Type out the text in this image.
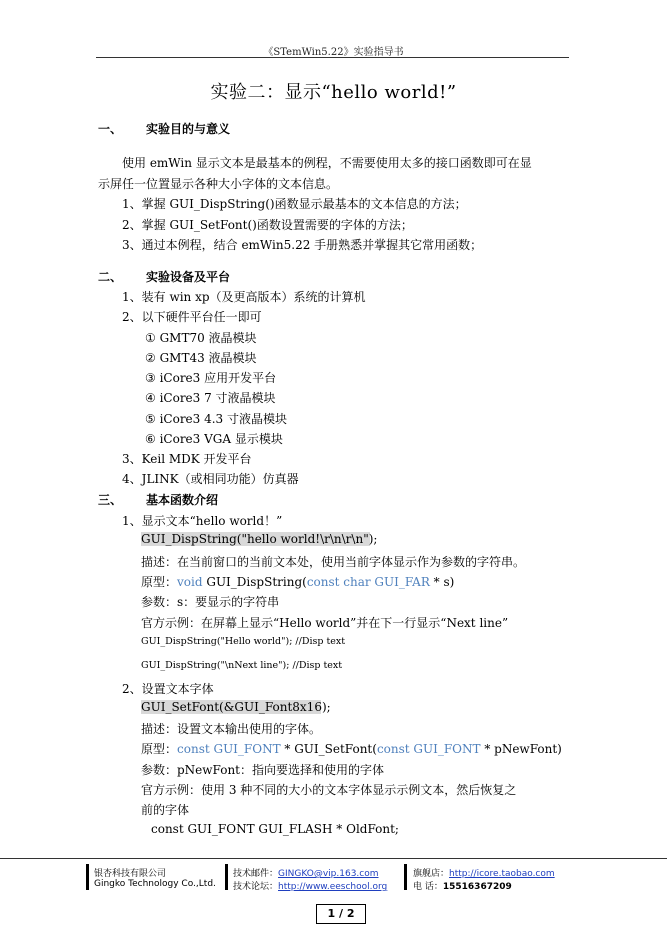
《STemWin5.22》实验指导书
实验二：显示“hello world!”
一、 实验目的与意义
使用 emWin 显示文本是最基本的例程，不需要使用太多的接口函数即可在显
示屏任一位置显示各种大小字体的文本信息。
1、掌握 GUI_DispString()函数显示最基本的文本信息的方法；
2、掌握 GUI_SetFont()函数设置需要的字体的方法；
3、通过本例程，结合 emWin5.22 手册熟悉并掌握其它常用函数；
二、 实验设备及平台
1、装有 win xp（及更高版本）系统的计算机
2、以下硬件平台任一即可
① GMT70 液晶模块
② GMT43 液晶模块
③ iCore3 应用开发平台
④ iCore3 7 寸液晶模块
⑤ iCore3 4.3 寸液晶模块
⑥ iCore3 VGA 显示模块
3、Keil MDK 开发平台
4、JLINK（或相同功能）仿真器
三、 基本函数介绍
1、显示文本“hello world！”
GUI_DispString("hello world!\r\n\r\n");
描述：在当前窗口的当前文本处，使用当前字体显示作为参数的字符串。
原型：void GUI_DispString(const char GUI_FAR * s)
参数：s：要显示的字符串
官方示例：在屏幕上显示“Hello world”并在下一行显示“Next line”
GUI_DispString("Hello world"); //Disp text
GUI_DispString("\nNext line"); //Disp text
2、设置文本字体
GUI_SetFont(&GUI_Font8x16);
描述：设置文本输出使用的字体。
原型：const GUI_FONT * GUI_SetFont(const GUI_FONT * pNewFont)
参数：pNewFont：指向要选择和使用的字体
官方示例：使用 3 种不同的大小的文本字体显示示例文本，然后恢复之
前的字体
const GUI_FONT GUI_FLASH * OldFont;
银杏科技有限公司
Gingko Technology Co.,Ltd.
技术邮件：GINGKO@vip.163.com
技术论坛：http://www.eeschool.org
旗舰店：http://icore.taobao.com
电 话：15516367209
1 / 2
